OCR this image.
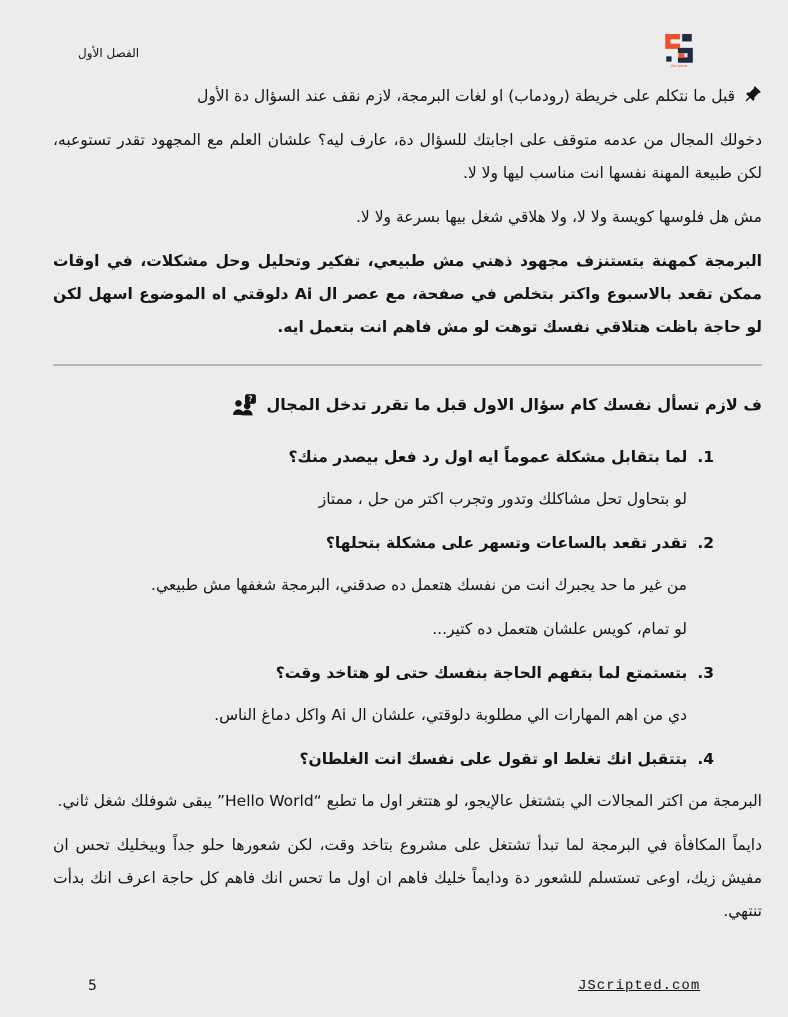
الفصل الأول
JScripted

قبل ما نتكلم على خريطة (رودماب) او لغات البرمجة، لازم نقف عند السؤال دة الأول

دخولك المجال من عدمه متوقف على اجابتك للسؤال دة، عارف ليه؟ علشان العلم مع المجهود تقدر تستوعبه، لكن طبيعة المهنة نفسها انت مناسب ليها ولا لا.

مش هل فلوسها كويسة ولا لا، ولا هلاقي شغل بيها بسرعة ولا لا.

البرمجة كمهنة بتستنزف مجهود ذهني مش طبيعي، تفكير وتحليل وحل مشكلات، في اوقات ممكن تقعد بالاسبوع واكتر بتخلص في صفحة، مع عصر ال Ai دلوقتي اه الموضوع اسهل لكن لو حاجة باظت هتلاقي نفسك توهت لو مش فاهم انت بتعمل ايه.

ف لازم تسأل نفسك كام سؤال الاول قبل ما تقرر تدخل المجال
?
1.
لما بتقابل مشكلة عموماً ايه اول رد فعل بيصدر منك؟

لو بتحاول تحل مشاكلك وتدور وتجرب اكتر من حل ، ممتاز

2.
تقدر تقعد بالساعات وتسهر على مشكلة بتحلها؟

من غير ما حد يجبرك انت من نفسك هتعمل ده صدقني، البرمجة شغفها مش طبيعي.

لو تمام، كويس علشان هتعمل ده كتير...

3.
بتستمتع لما بتفهم الحاجة بنفسك حتى لو هتاخد وقت؟

دي من اهم المهارات الي مطلوبة دلوقتي، علشان ال Ai واكل دماغ الناس.

4.
بتتقبل انك تغلط او تقول على نفسك انت الغلطان؟

البرمجة من اكتر المجالات الي بتشتغل عالإيجو، لو هتتغر اول ما تطبع “Hello World” يبقى شوفلك شغل ثاني.

دايماً المكافأة في البرمجة لما تبدأ تشتغل على مشروع بتاخد وقت، لكن شعورها حلو جداً وبيخليك تحس ان مفيش زيك، اوعى تستسلم للشعور دة ودايماً خليك فاهم ان اول ما تحس انك فاهم كل حاجة اعرف انك بدأت تنتهي.

5	JScripted.com
